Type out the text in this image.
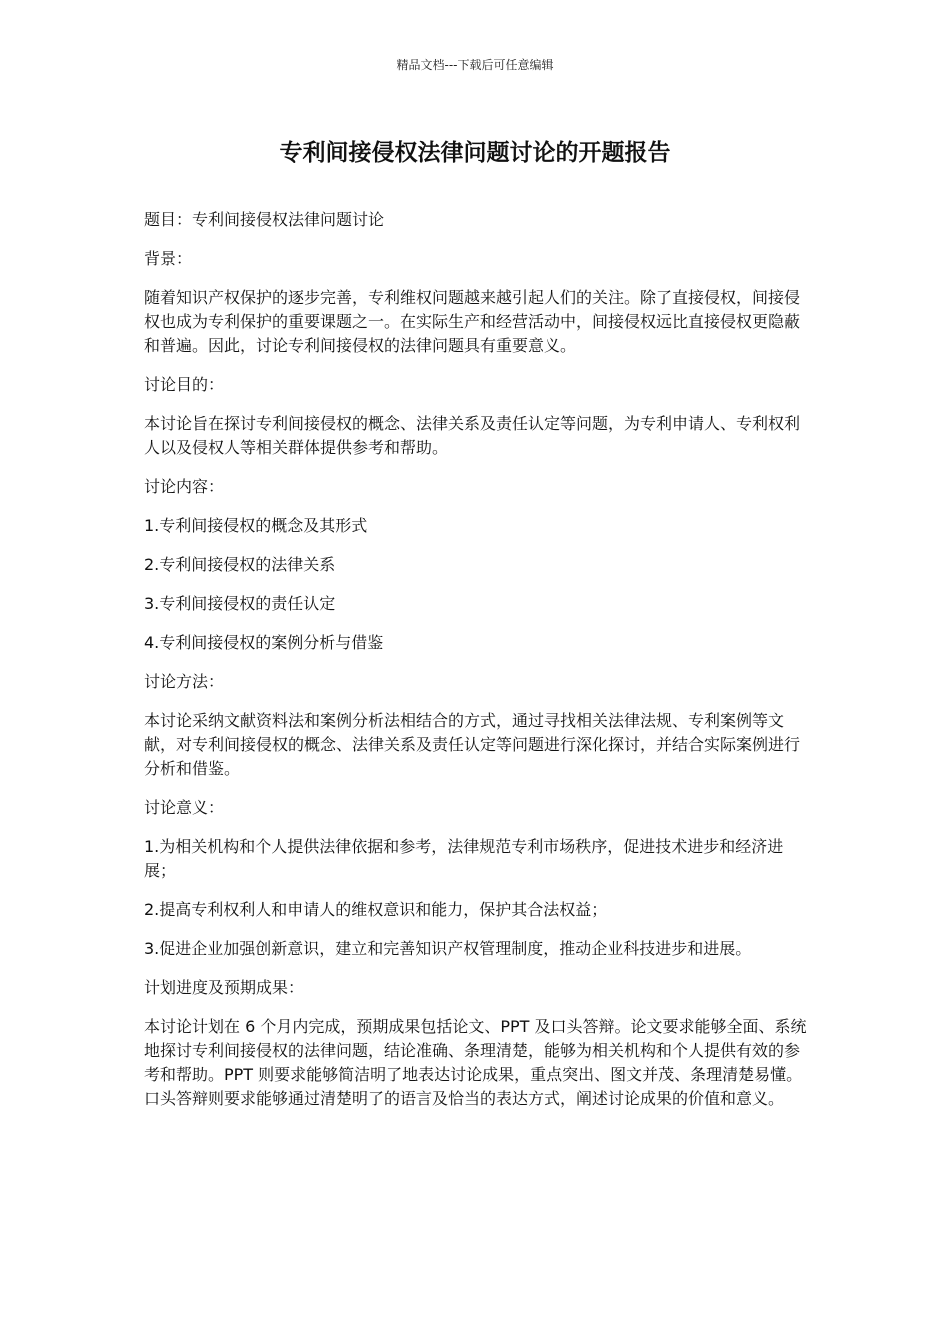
精品文档---下载后可任意编辑
专利间接侵权法律问题讨论的开题报告

题目：专利间接侵权法律问题讨论

背景：

随着知识产权保护的逐步完善，专利维权问题越来越引起人们的关注。除了直接侵权，间接侵权也成为专利保护的重要课题之一。在实际生产和经营活动中，间接侵权远比直接侵权更隐蔽和普遍。因此，讨论专利间接侵权的法律问题具有重要意义。

讨论目的：

本讨论旨在探讨专利间接侵权的概念、法律关系及责任认定等问题，为专利申请人、专利权利人以及侵权人等相关群体提供参考和帮助。

讨论内容：

1.专利间接侵权的概念及其形式

2.专利间接侵权的法律关系

3.专利间接侵权的责任认定

4.专利间接侵权的案例分析与借鉴

讨论方法：

本讨论采纳文献资料法和案例分析法相结合的方式，通过寻找相关法律法规、专利案例等文献，对专利间接侵权的概念、法律关系及责任认定等问题进行深化探讨，并结合实际案例进行分析和借鉴。

讨论意义：

1.为相关机构和个人提供法律依据和参考，法律规范专利市场秩序，促进技术进步和经济进展；

2.提高专利权利人和申请人的维权意识和能力，保护其合法权益；

3.促进企业加强创新意识，建立和完善知识产权管理制度，推动企业科技进步和进展。

计划进度及预期成果：

本讨论计划在 6 个月内完成，预期成果包括论文、PPT 及口头答辩。论文要求能够全面、系统地探讨专利间接侵权的法律问题，结论准确、条理清楚，能够为相关机构和个人提供有效的参考和帮助。PPT 则要求能够简洁明了地表达讨论成果，重点突出、图文并茂、条理清楚易懂。口头答辩则要求能够通过清楚明了的语言及恰当的表达方式，阐述讨论成果的价值和意义。
